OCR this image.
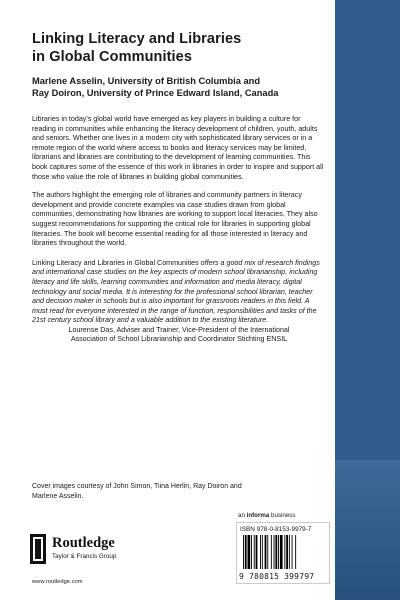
Linking Literacy and Libraries
in Global Communities
Marlene Asselin, University of British Columbia and
Ray Doiron, University of Prince Edward Island, Canada

Libraries in today's global world have emerged as key players in building a culture for reading in communities while enhancing the literacy development of children, youth, adults and seniors. Whether one lives in a modern city with sophisticated library services or in a remote region of the world where access to books and literacy services may be limited, librarians and libraries are contributing to the development of learning communities. This book captures some of the essence of this work in libraries in order to inspire and support all those who value the role of libraries in building global communities.

The authors highlight the emerging role of libraries and community partners in literacy development and provide concrete examples via case studies drawn from global communities, demonstrating how libraries are working to support local literacies. They also suggest recommendations for supporting the critical role for libraries in supporting global literacies. The book will become essential reading for all those interested in literacy and libraries throughout the world.

Linking Literacy and Libraries in Global Communities offers a good mix of research findings and international case studies on the key aspects of modern school librarianship, including literacy and life skills, learning communities and information and media literacy, digital technology and social media. It is interesting for the professional school librarian, teacher and decision maker in schools but is also important for grassroots readers in this field. A must read for everyone interested in the range of function, responsibilities and tasks of the 21st century school library and a valuable addition to the existing literature.

Lourense Das, Adviser and Trainer, Vice-President of the International
Association of School Librarianship and Coordinator Stichting ENSIL
Cover images courtesy of John Simon, Tiina Herlin, Ray Doiron and Marlene Asselin.
an informa business
ISBN 978-0-8153-9979-7
9 780815 399797
Routledge
Taylor & Francis Group
www.routledge.com
